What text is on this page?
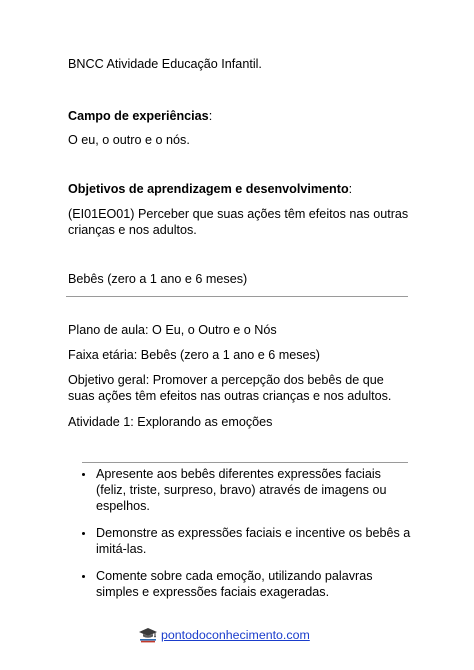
BNCC Atividade Educação Infantil.
Campo de experiências:
O eu, o outro e o nós.
Objetivos de aprendizagem e desenvolvimento:
(EI01EO01) Perceber que suas ações têm efeitos nas outras crianças e nos adultos.
Bebês (zero a 1 ano e 6 meses)
Plano de aula: O Eu, o Outro e o Nós
Faixa etária: Bebês (zero a 1 ano e 6 meses)
Objetivo geral: Promover a percepção dos bebês de que suas ações têm efeitos nas outras crianças e nos adultos.
Atividade 1: Explorando as emoções
Apresente aos bebês diferentes expressões faciais (feliz, triste, surpreso, bravo) através de imagens ou espelhos.
Demonstre as expressões faciais e incentive os bebês a imitá-las.
Comente sobre cada emoção, utilizando palavras simples e expressões faciais exageradas.
pontodoconhecimento.com
